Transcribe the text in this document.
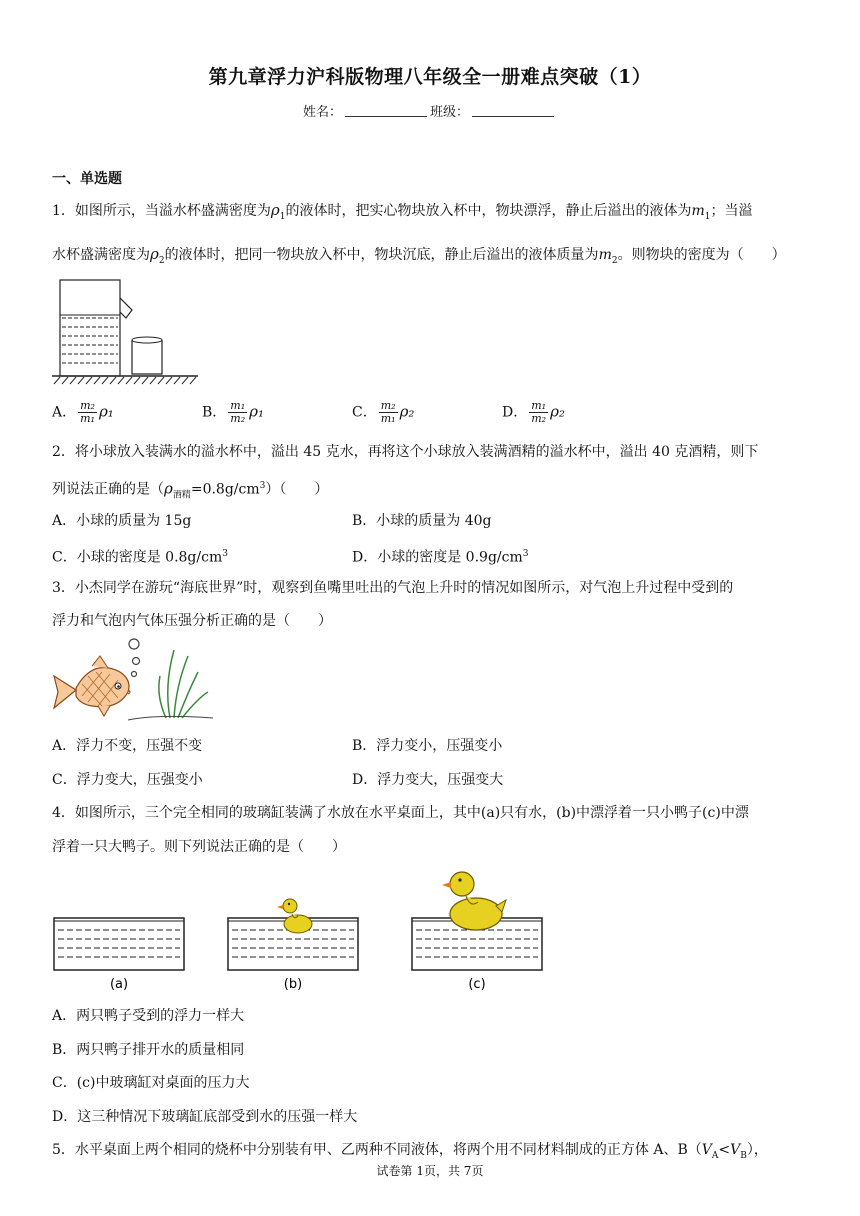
第九章浮力沪科版物理八年级全一册难点突破（1）
姓名：	班级：
一、单选题
1．如图所示，当溢水杯盛满密度为$\rho_1$的液体时，把实心物块放入杯中，物块漂浮，静止后溢出的液体为$m_1$；当溢
水杯盛满密度为$\rho_2$的液体时，把同一物块放入杯中，物块沉底，静止后溢出的液体质量为$m_2$。则物块的密度为（　　）
A． $\frac{\text{m₂}}{\text{m₁}} \rho_1$	B． $\frac{\text{m₁}}{\text{m₂}} \rho_1$	C． $\frac{\text{m₂}}{\text{m₁}} \rho_2$	D． $\frac{\text{m₁}}{\text{m₂}} \rho_2$
2．将小球放入装满水的溢水杯中，溢出 45 克水，再将这个小球放入装满酒精的溢水杯中，溢出 40 克酒精，则下
列说法正确的是$(\rho_{酒精}=0.8g/cm^3)$（　　）
A．小球的质量为 15g	B．小球的质量为 40g
C．小球的密度是 $0.8g/cm^3$	D．小球的密度是 $0.9g/cm^3$
3．小杰同学在游玩“海底世界”时，观察到鱼嘴里吐出的气泡上升时的情况如图所示，对气泡上升过程中受到的
浮力和气泡内气体压强分析正确的是（　　）
A．浮力不变，压强不变	B．浮力变小，压强变小
C．浮力变大，压强变小	D．浮力变大，压强变大
4．如图所示，三个完全相同的玻璃缸装满了水放在水平桌面上，其中(a)只有水，(b)中漂浮着一只小鸭子(c)中漂
浮着一只大鸭子。则下列说法正确的是（　　）
(a)	(b)	(c)
A．两只鸭子受到的浮力一样大
B．两只鸭子排开水的质量相同
C．(c)中玻璃缸对桌面的压力大
D．这三种情况下玻璃缸底部受到水的压强一样大
5．水平桌面上两个相同的烧杯中分别装有甲、乙两种不同液体，将两个用不同材料制成的正方体 A、$B(V_A<V_B)$，
试卷第 1页，共 7页
